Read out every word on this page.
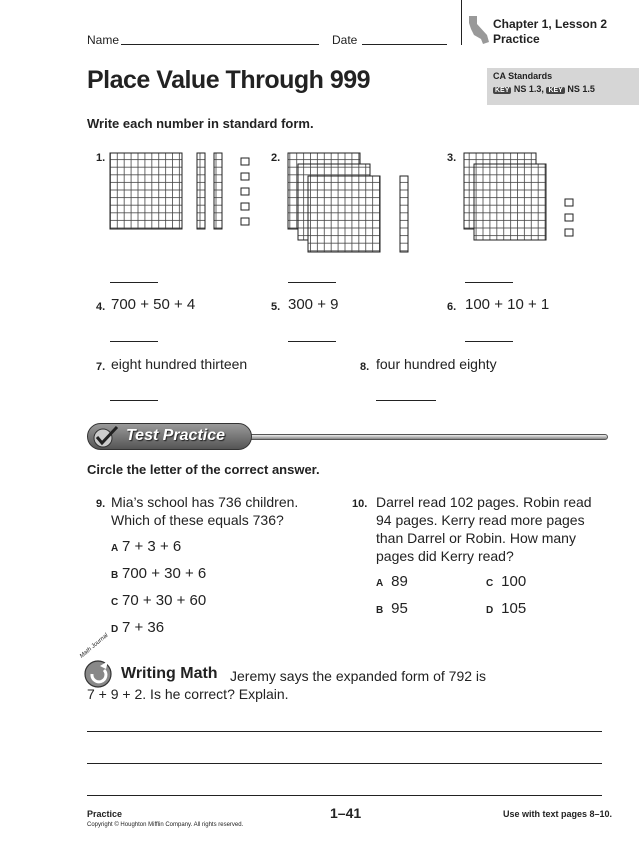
Name	Date
Chapter 1, Lesson 2
Practice
Place Value Through 999	CA Standards
KEY NS 1.3, KEY NS 1.5
Write each number in standard form.
1.	2.	3.
4. 700 + 50 + 4	5. 300 + 9	6. 100 + 10 + 1
7. eight hundred thirteen	8. four hundred eighty
Test Practice
Circle the letter of the correct answer.
9. Mia’s school has 736 children.
Which of these equals 736?
A 7 + 3 + 6
B 700 + 30 + 6
C 70 + 30 + 60
D 7 + 36
10. Darrel read 102 pages. Robin read
94 pages. Kerry read more pages
than Darrel or Robin. How many
pages did Kerry read?
A 89	C 100
B 95	D 105
Math Journal
Writing Math Jeremy says the expanded form of 792 is
7 + 9 + 2. Is he correct? Explain.
Practice	1–41	Use with text pages 8–10.
Copyright © Houghton Mifflin Company. All rights reserved.
